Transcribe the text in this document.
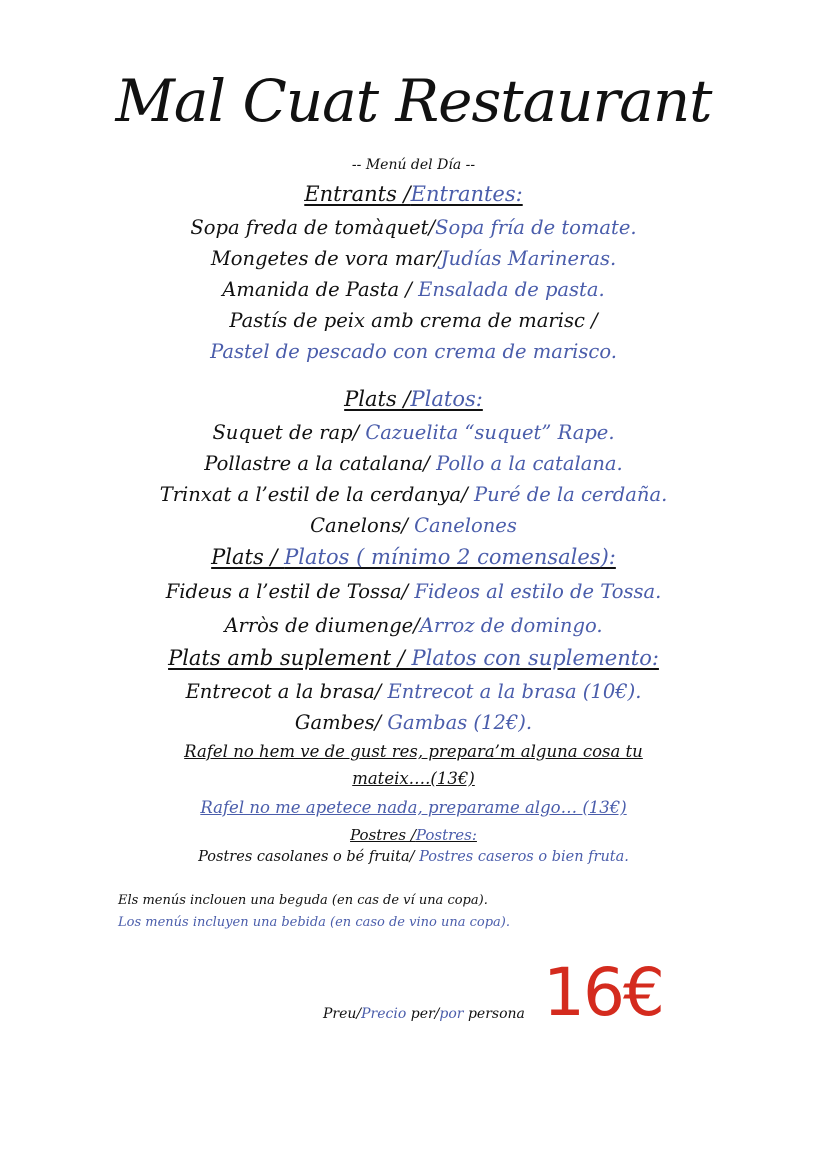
Mal Cuat Restaurant
-- Menú del Día --
Entrants /Entrantes:
Sopa freda de tomàquet/Sopa fría de tomate.
Mongetes de vora mar/Judías Marineras.
Amanida de Pasta / Ensalada de pasta.
Pastís de peix amb crema de marisc /
Pastel de pescado con crema de marisco.
Plats /Platos:
Suquet de rap/ Cazuelita “suquet” Rape.
Pollastre a la catalana/ Pollo a la catalana.
Trinxat a l’estil de la cerdanya/ Puré de la cerdaña.
Canelons/ Canelones
Plats / Platos ( mínimo 2 comensales):
Fideus a l’estil de Tossa/ Fideos al estilo de Tossa.
Arròs de diumenge/Arroz de domingo.
Plats amb suplement / Platos con suplemento:
Entrecot a la brasa/ Entrecot a la brasa (10€).
Gambes/ Gambas (12€).
Rafel no hem ve de gust res, prepara’m alguna cosa tu
mateix….(13€)
Rafel no me apetece nada, preparame algo… (13€)
Postres /Postres:
Postres casolanes o bé fruita/ Postres caseros o bien fruta.
Els menús inclouen una beguda (en cas de ví una copa).
Los menús incluyen una bebida (en caso de vino una copa).
Preu/Precio per/por persona 16€
